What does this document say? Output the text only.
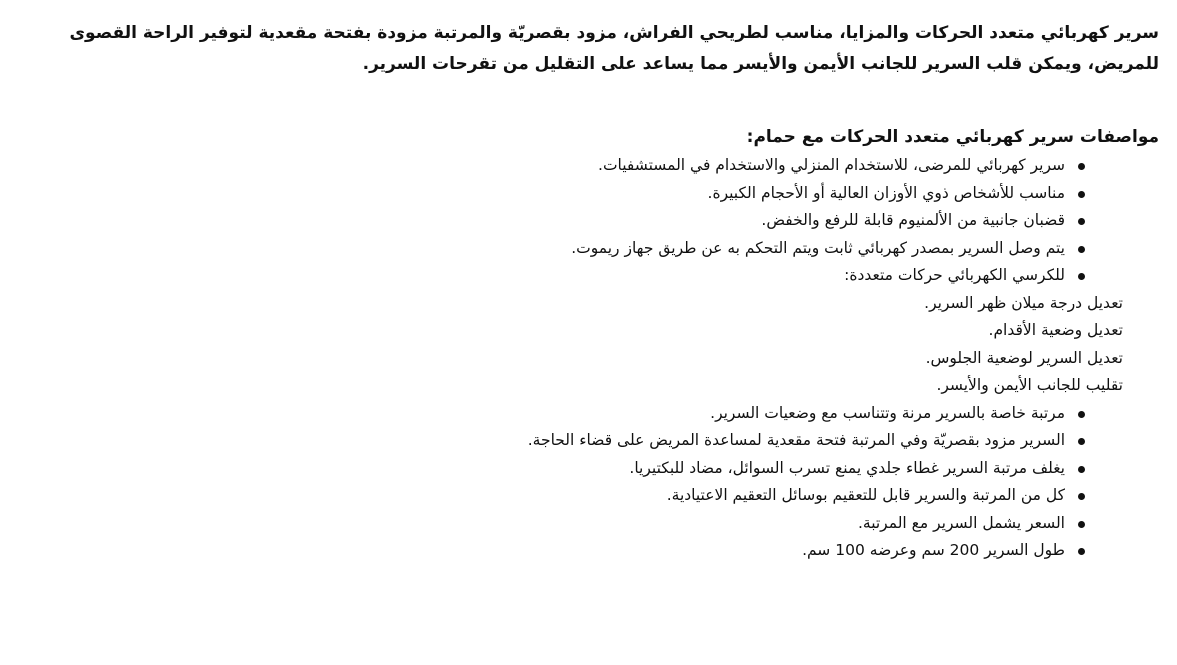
سرير كهربائي متعدد الحركات والمزايا، مناسب لطريحي الفراش، مزود بقصريّة والمرتبة مزودة بفتحة مقعدية لتوفير الراحة القصوى للمريض، ويمكن قلب السرير للجانب الأيمن والأيسر مما يساعد على التقليل من تقرحات السرير.

مواصفات سرير كهربائي متعدد الحركات مع حمام:
سرير كهربائي للمرضى، للاستخدام المنزلي والاستخدام في المستشفيات.
مناسب للأشخاص ذوي الأوزان العالية أو الأحجام الكبيرة.
قضبان جانبية من الألمنيوم قابلة للرفع والخفض.
يتم وصل السرير بمصدر كهربائي ثابت ويتم التحكم به عن طريق جهاز ريموت.
للكرسي الكهربائي حركات متعددة:
تعديل درجة ميلان ظهر السرير.
تعديل وضعية الأقدام.
تعديل السرير لوضعية الجلوس.
تقليب للجانب الأيمن والأيسر.
مرتبة خاصة بالسرير مرنة وتتناسب مع وضعيات السرير.
السرير مزود بقصريّة وفي المرتبة فتحة مقعدية لمساعدة المريض على قضاء الحاجة.
يغلف مرتبة السرير غطاء جلدي يمنع تسرب السوائل، مضاد للبكتيريا.
كل من المرتبة والسرير قابل للتعقيم بوسائل التعقيم الاعتيادية.
السعر يشمل السرير مع المرتبة.
طول السرير 200 سم وعرضه 100 سم.
